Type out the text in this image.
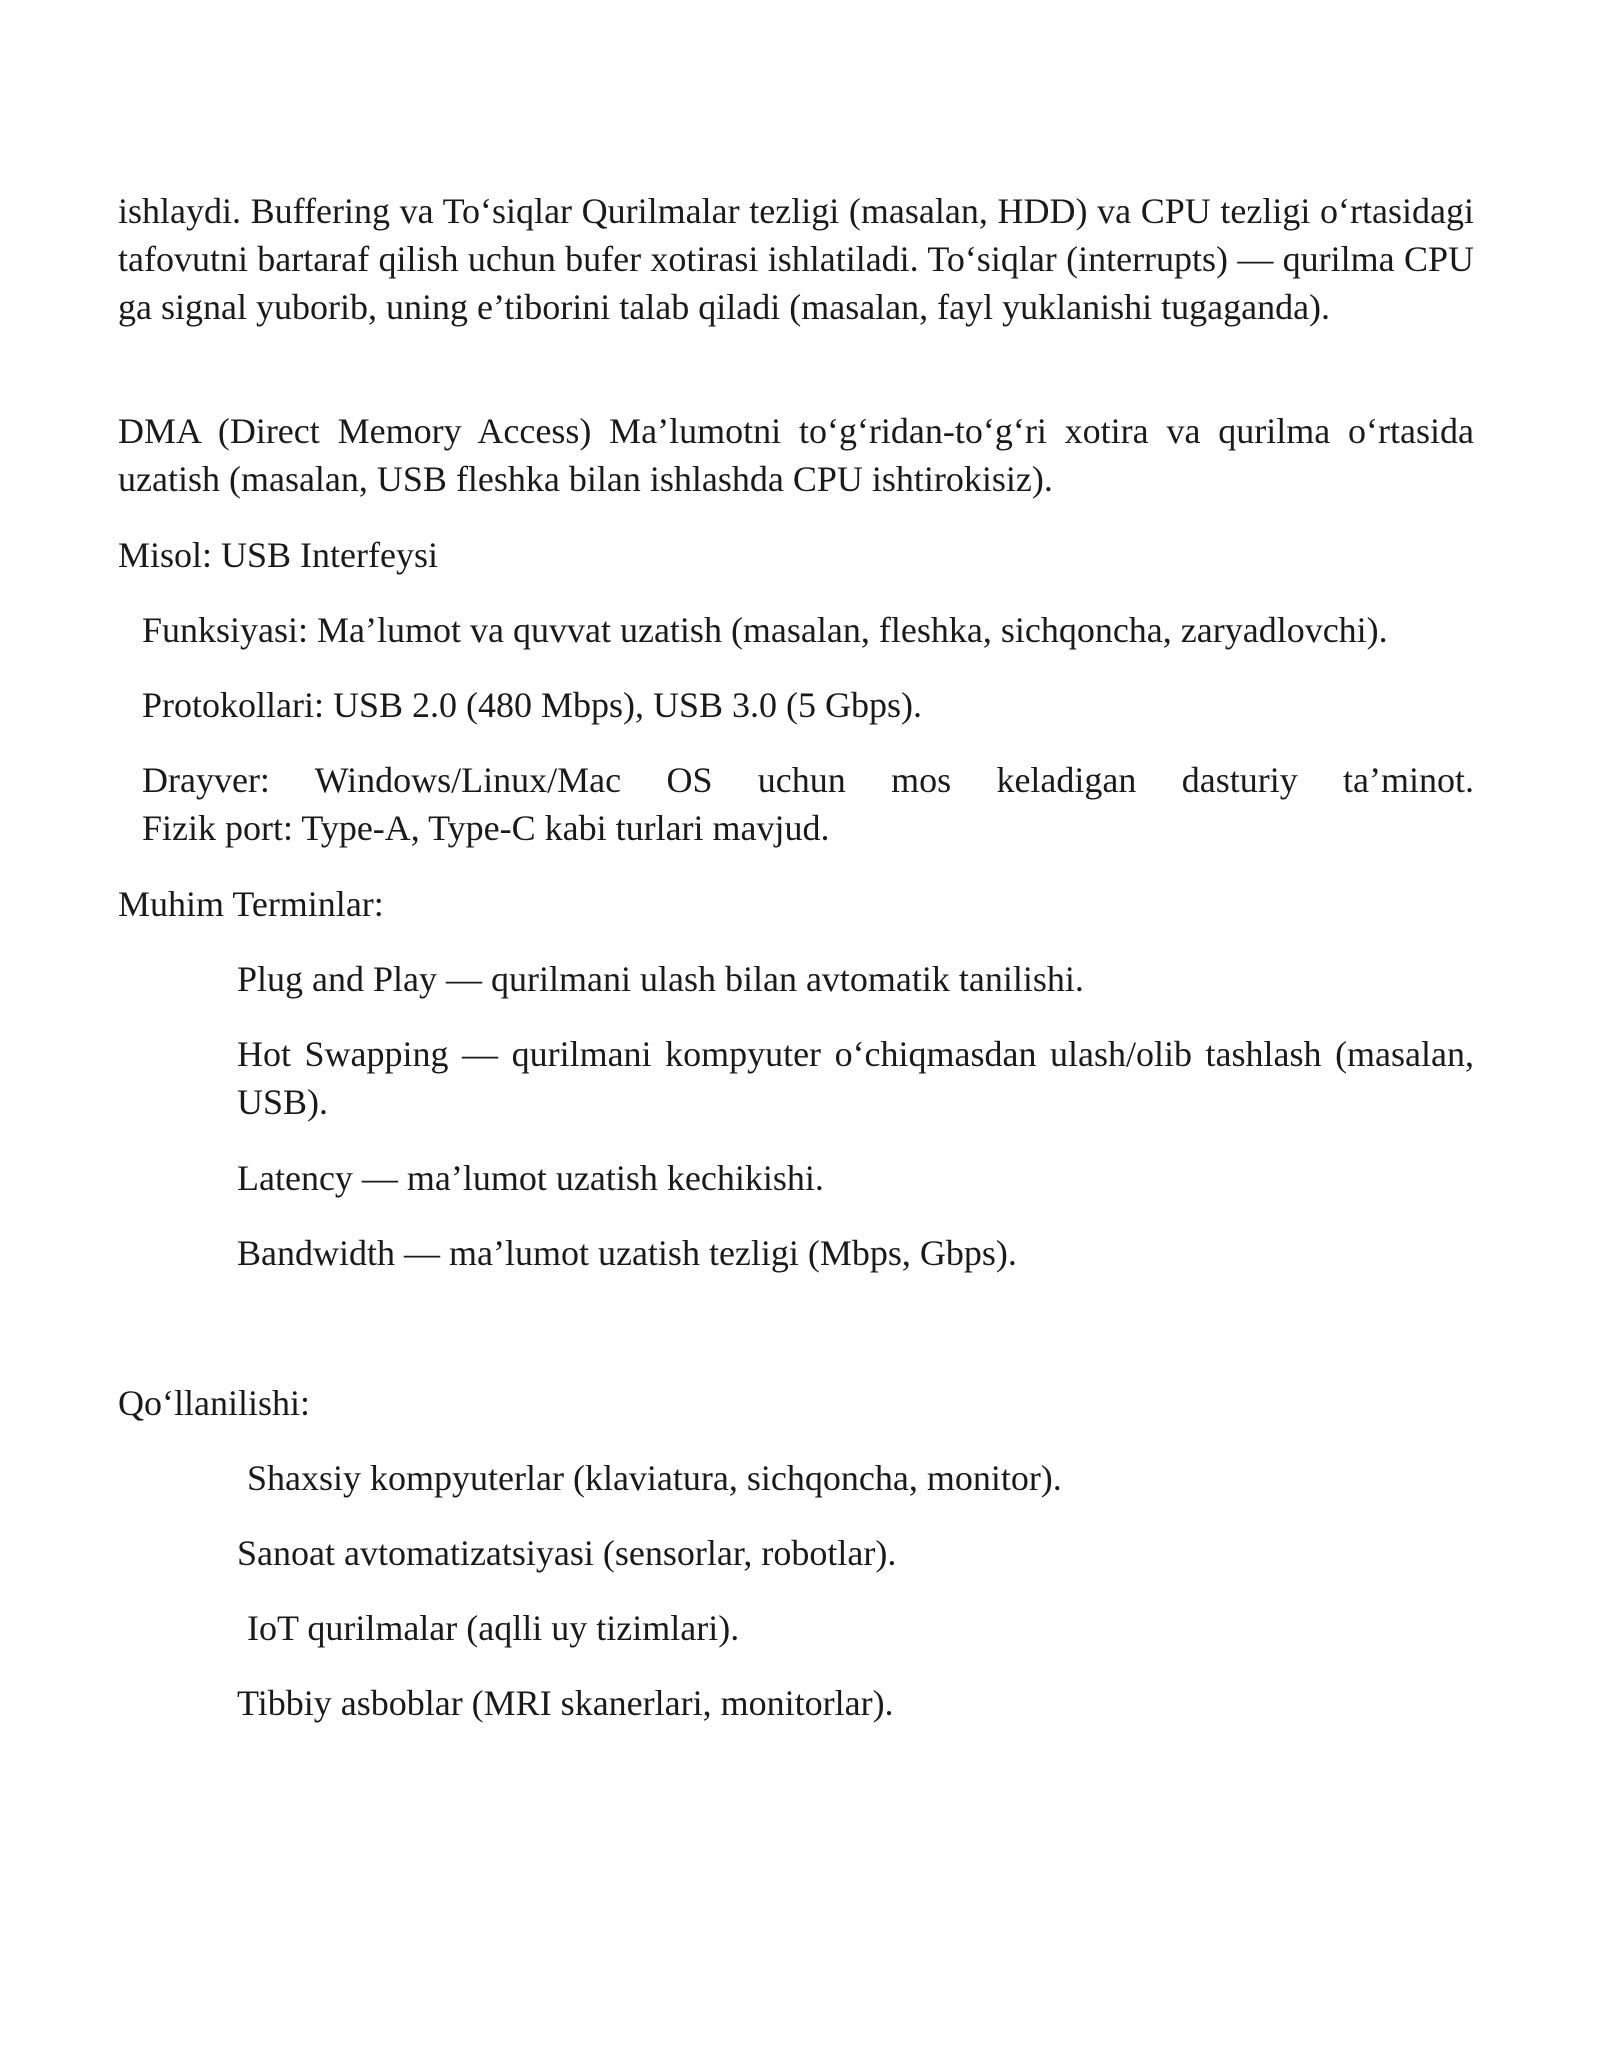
ishlaydi. Buffering va To‘siqlar Qurilmalar tezligi (masalan, HDD) va CPU tezligi o‘rtasidagi tafovutni bartaraf qilish uchun bufer xotirasi ishlatiladi. To‘siqlar (interrupts) — qurilma CPU ga signal yuborib, uning e’tiborini talab qiladi (masalan, fayl yuklanishi tugaganda).

DMA (Direct Memory Access) Ma’lumotni to‘g‘ridan-to‘g‘ri xotira va qurilma o‘rtasida uzatish (masalan, USB fleshka bilan ishlashda CPU ishtirokisiz).

Misol: USB Interfeysi

Funksiyasi: Ma’lumot va quvvat uzatish (masalan, fleshka, sichqoncha, zaryadlovchi).

Protokollari: USB 2.0 (480 Mbps), USB 3.0 (5 Gbps).

Drayver: Windows/Linux/Mac OS uchun mos keladigan dasturiy ta’minot.
Fizik port: Type-A, Type-C kabi turlari mavjud.

Muhim Terminlar:

Plug and Play — qurilmani ulash bilan avtomatik tanilishi.

Hot Swapping — qurilmani kompyuter o‘chiqmasdan ulash/olib tashlash (masalan, USB).

Latency — ma’lumot uzatish kechikishi.

Bandwidth — ma’lumot uzatish tezligi (Mbps, Gbps).

Qo‘llanilishi:

Shaxsiy kompyuterlar (klaviatura, sichqoncha, monitor).

Sanoat avtomatizatsiyasi (sensorlar, robotlar).

IoT qurilmalar (aqlli uy tizimlari).

Tibbiy asboblar (MRI skanerlari, monitorlar).
